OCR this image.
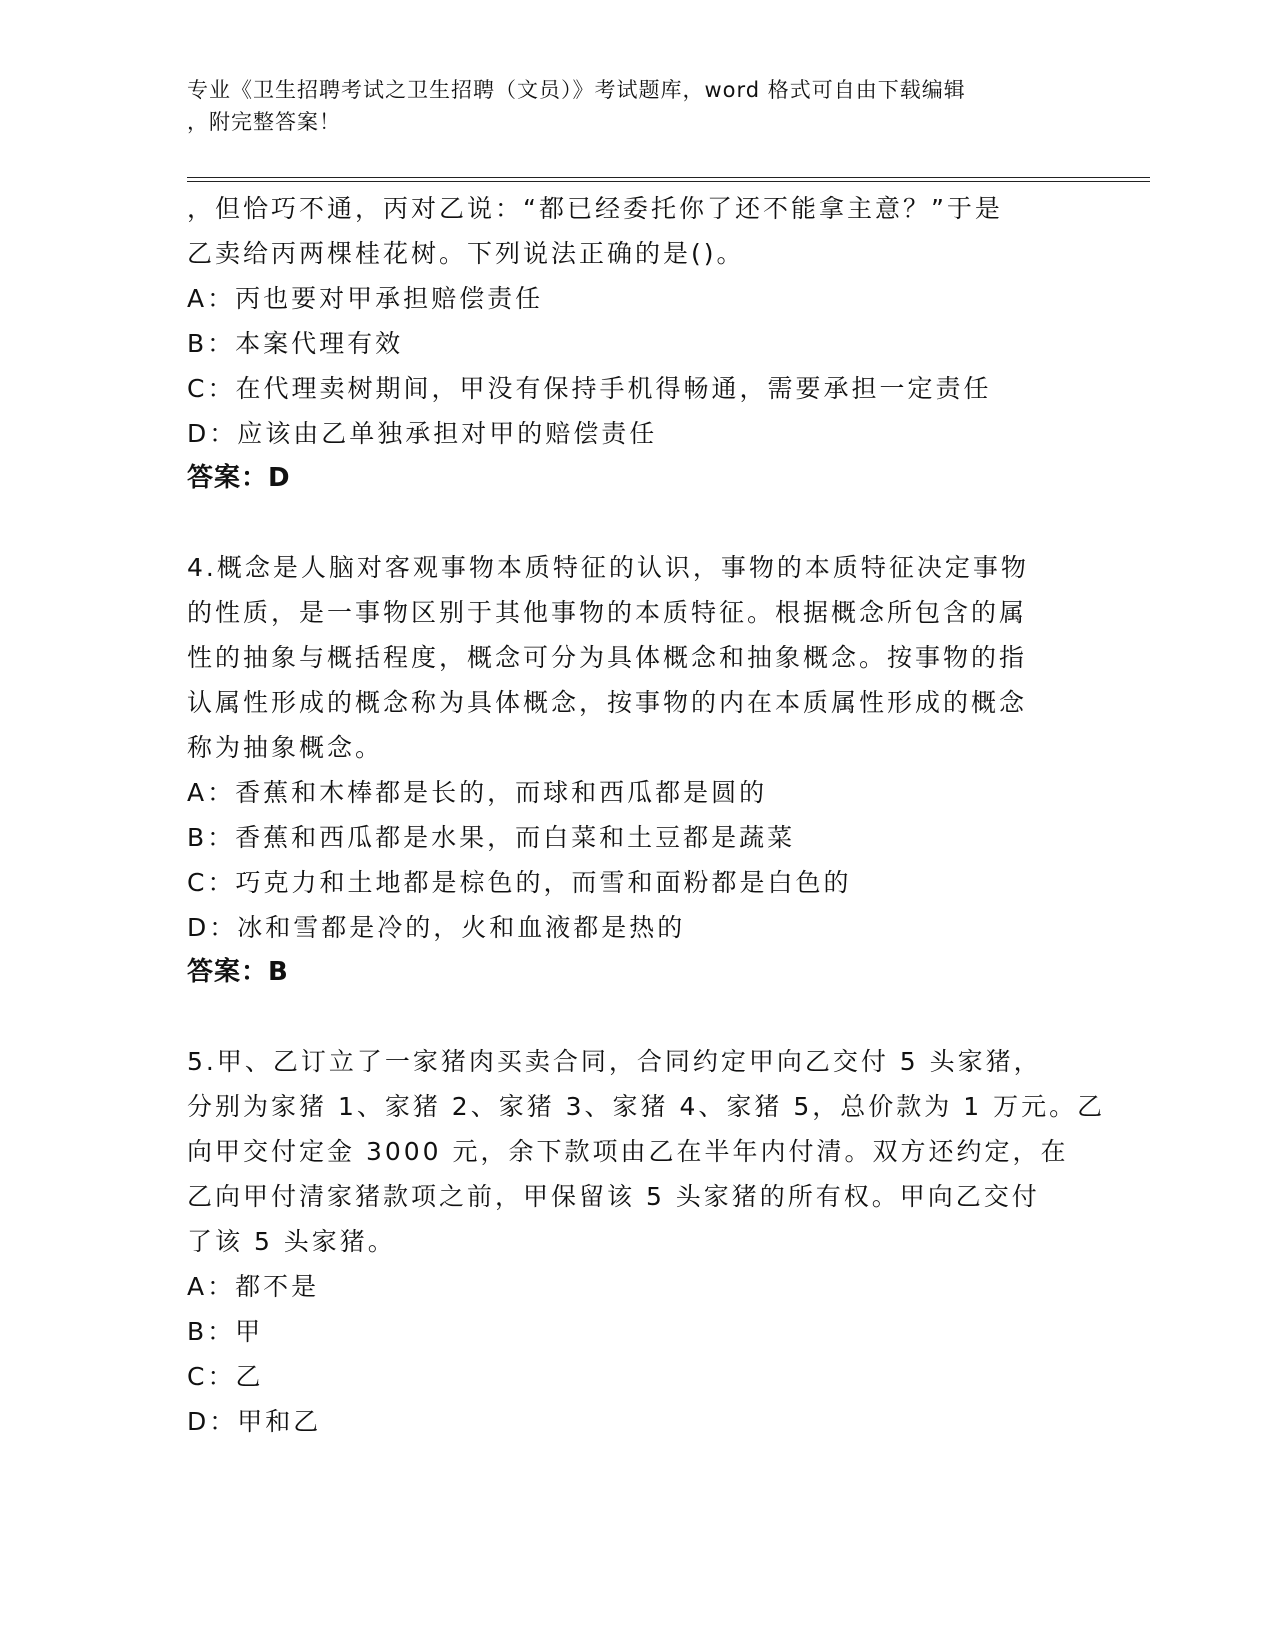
专业《卫生招聘考试之卫生招聘（文员）》考试题库，word 格式可自由下载编辑
，附完整答案！
，但恰巧不通，丙对乙说：“都已经委托你了还不能拿主意？”于是
乙卖给丙两棵桂花树。下列说法正确的是()。
A：丙也要对甲承担赔偿责任
B：本案代理有效
C：在代理卖树期间，甲没有保持手机得畅通，需要承担一定责任
D：应该由乙单独承担对甲的赔偿责任
答案：D
4.概念是人脑对客观事物本质特征的认识，事物的本质特征决定事物
的性质，是一事物区别于其他事物的本质特征。根据概念所包含的属
性的抽象与概括程度，概念可分为具体概念和抽象概念。按事物的指
认属性形成的概念称为具体概念，按事物的内在本质属性形成的概念
称为抽象概念。
A：香蕉和木棒都是长的，而球和西瓜都是圆的
B：香蕉和西瓜都是水果，而白菜和土豆都是蔬菜
C：巧克力和土地都是棕色的，而雪和面粉都是白色的
D：冰和雪都是冷的，火和血液都是热的
答案：B
5.甲、乙订立了一家猪肉买卖合同，合同约定甲向乙交付 5 头家猪，
分别为家猪 1、家猪 2、家猪 3、家猪 4、家猪 5，总价款为 1 万元。乙
向甲交付定金 3000 元，余下款项由乙在半年内付清。双方还约定，在
乙向甲付清家猪款项之前，甲保留该 5 头家猪的所有权。甲向乙交付
了该 5 头家猪。
A：都不是
B：甲
C：乙
D：甲和乙
